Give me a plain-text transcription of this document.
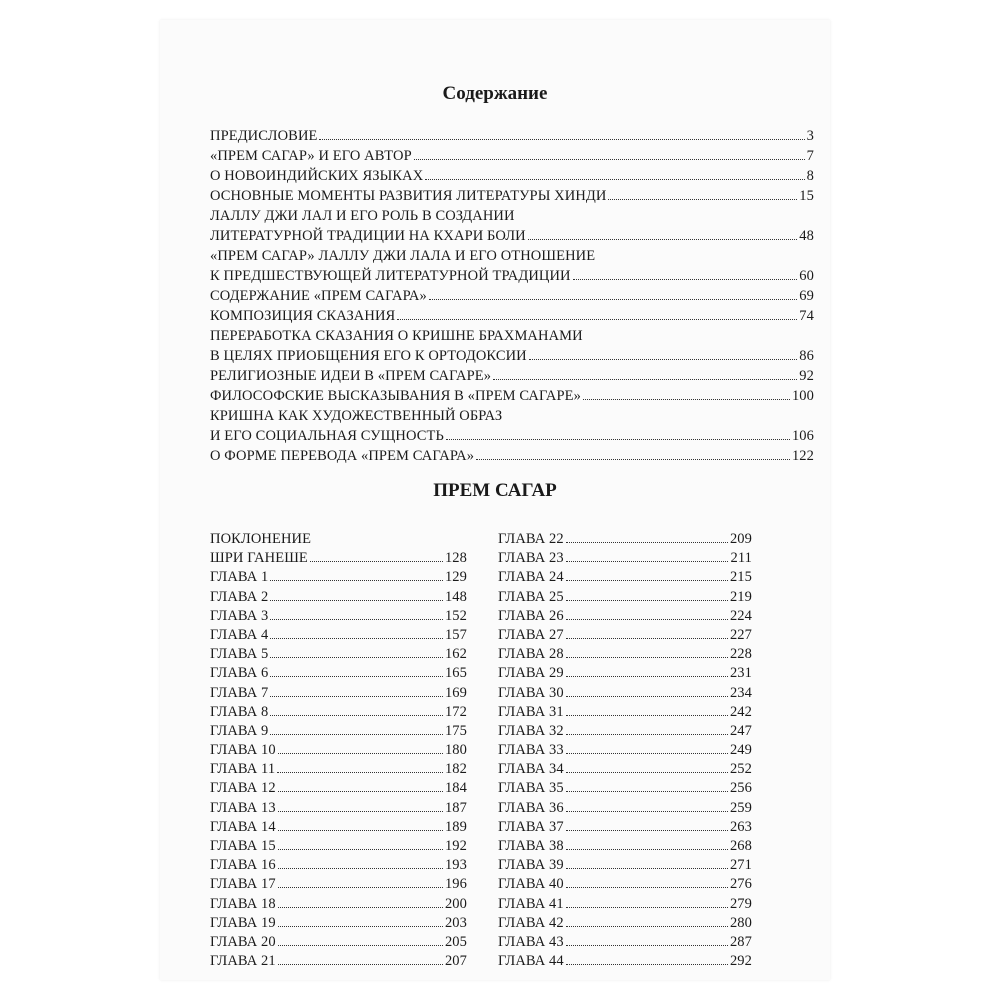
Содержание
ПРЕДИСЛОВИЕ	3
«ПРЕМ САГАР» И ЕГО АВТОР	7
О НОВОИНДИЙСКИХ ЯЗЫКАХ	8
ОСНОВНЫЕ МОМЕНТЫ РАЗВИТИЯ ЛИТЕРАТУРЫ ХИНДИ	15
ЛАЛЛУ ДЖИ ЛАЛ И ЕГО РОЛЬ В СОЗДАНИИ
ЛИТЕРАТУРНОЙ ТРАДИЦИИ НА КХАРИ БОЛИ	48
«ПРЕМ САГАР» ЛАЛЛУ ДЖИ ЛАЛА И ЕГО ОТНОШЕНИЕ
К ПРЕДШЕСТВУЮЩЕЙ ЛИТЕРАТУРНОЙ ТРАДИЦИИ	60
СОДЕРЖАНИЕ «ПРЕМ САГАРА»	69
КОМПОЗИЦИЯ СКАЗАНИЯ	74
ПЕРЕРАБОТКА СКАЗАНИЯ О КРИШНЕ БРАХМАНАМИ
В ЦЕЛЯХ ПРИОБЩЕНИЯ ЕГО К ОРТОДОКСИИ	86
РЕЛИГИОЗНЫЕ ИДЕИ В «ПРЕМ САГАРЕ»	92
ФИЛОСОФСКИЕ ВЫСКАЗЫВАНИЯ В «ПРЕМ САГАРЕ»	100
КРИШНА КАК ХУДОЖЕСТВЕННЫЙ ОБРАЗ
И ЕГО СОЦИАЛЬНАЯ СУЩНОСТЬ	106
О ФОРМЕ ПЕРЕВОДА «ПРЕМ САГАРА»	122
ПРЕМ САГАР
ПОКЛОНЕНИЕ
ШРИ ГАНЕШЕ	128
ГЛАВА 1	129
ГЛАВА 2	148
ГЛАВА 3	152
ГЛАВА 4	157
ГЛАВА 5	162
ГЛАВА 6	165
ГЛАВА 7	169
ГЛАВА 8	172
ГЛАВА 9	175
ГЛАВА 10	180
ГЛАВА 11	182
ГЛАВА 12	184
ГЛАВА 13	187
ГЛАВА 14	189
ГЛАВА 15	192
ГЛАВА 16	193
ГЛАВА 17	196
ГЛАВА 18	200
ГЛАВА 19	203
ГЛАВА 20	205
ГЛАВА 21	207
ГЛАВА 22	209
ГЛАВА 23	211
ГЛАВА 24	215
ГЛАВА 25	219
ГЛАВА 26	224
ГЛАВА 27	227
ГЛАВА 28	228
ГЛАВА 29	231
ГЛАВА 30	234
ГЛАВА 31	242
ГЛАВА 32	247
ГЛАВА 33	249
ГЛАВА 34	252
ГЛАВА 35	256
ГЛАВА 36	259
ГЛАВА 37	263
ГЛАВА 38	268
ГЛАВА 39	271
ГЛАВА 40	276
ГЛАВА 41	279
ГЛАВА 42	280
ГЛАВА 43	287
ГЛАВА 44	292
